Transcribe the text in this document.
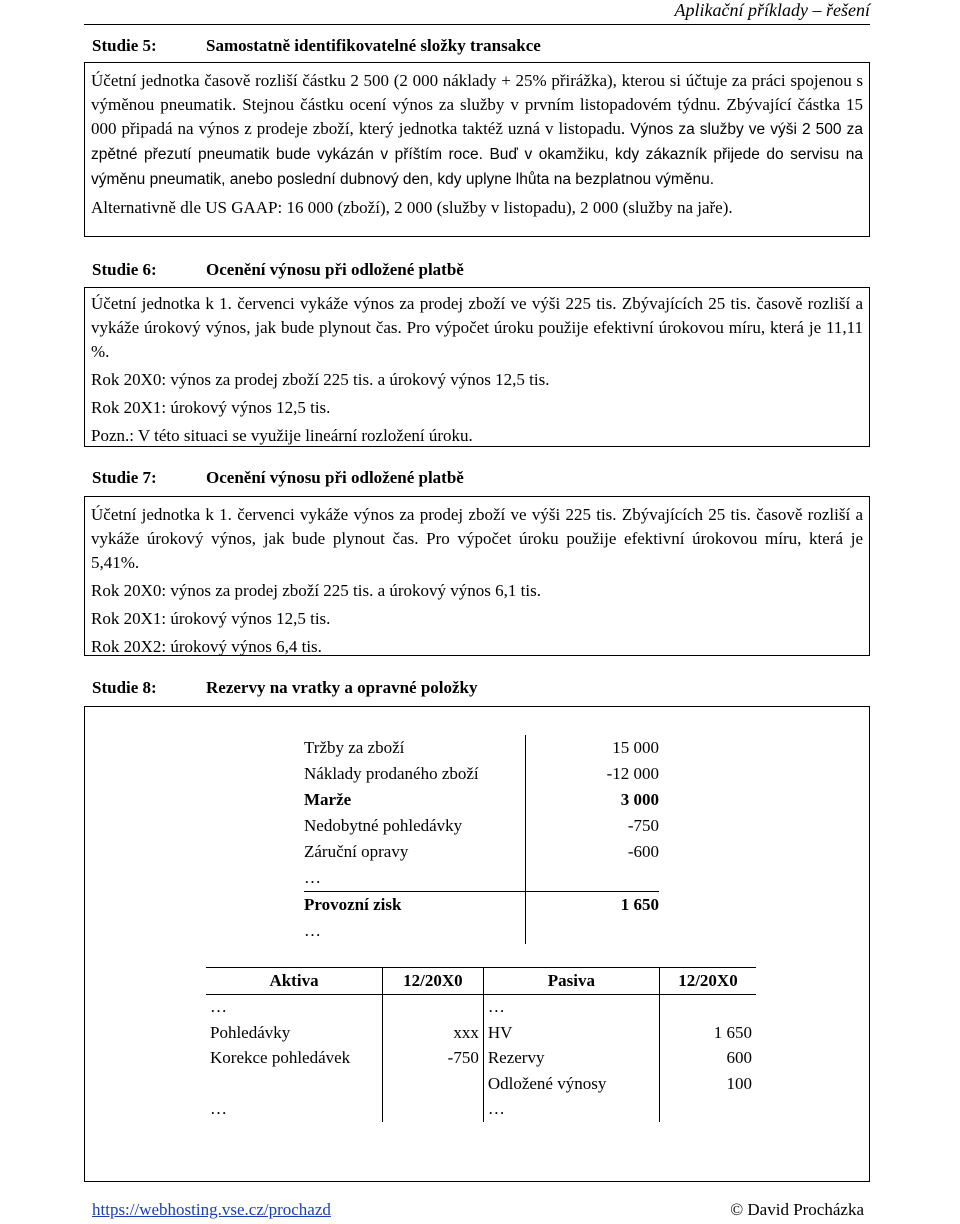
Aplikační příklady – řešení
Studie 5:	Samostatně identifikovatelné složky transakce

Účetní jednotka časově rozliší částku 2 500 (2 000 náklady + 25% přirážka), kterou si účtuje za práci spojenou s výměnou pneumatik. Stejnou částku ocení výnos za služby v prvním listopadovém týdnu. Zbývající částka 15 000 připadá na výnos z prodeje zboží, který jednotka taktéž uzná v listopadu. Výnos za služby ve výši 2 500 za zpětné přezutí pneumatik bude vykázán v příštím roce. Buď v okamžiku, kdy zákazník přijede do servisu na výměnu pneumatik, anebo poslední dubnový den, kdy uplyne lhůta na bezplatnou výměnu.

Alternativně dle US GAAP: 16 000 (zboží), 2 000 (služby v listopadu), 2 000 (služby na jaře).

Studie 6:	Ocenění výnosu při odložené platbě

Účetní jednotka k 1. červenci vykáže výnos za prodej zboží ve výši 225 tis. Zbývajících 25 tis. časově rozliší a vykáže úrokový výnos, jak bude plynout čas. Pro výpočet úroku použije efektivní úrokovou míru, která je 11,11 %.

Rok 20X0: výnos za prodej zboží 225 tis. a úrokový výnos 12,5 tis.

Rok 20X1: úrokový výnos 12,5 tis.

Pozn.: V této situaci se využije lineární rozložení úroku.

Studie 7:	Ocenění výnosu při odložené platbě

Účetní jednotka k 1. červenci vykáže výnos za prodej zboží ve výši 225 tis. Zbývajících 25 tis. časově rozliší a vykáže úrokový výnos, jak bude plynout čas. Pro výpočet úroku použije efektivní úrokovou míru, která je 5,41%.

Rok 20X0: výnos za prodej zboží 225 tis. a úrokový výnos 6,1 tis.

Rok 20X1: úrokový výnos 12,5 tis.

Rok 20X2: úrokový výnos 6,4 tis.

Studie 8:	Rezervy na vratky a opravné položky
Tržby za zboží	15 000
Náklady prodaného zboží	-12 000
Marže	3 000
Nedobytné pohledávky	-750
Záruční opravy	-600
…	
Provozní zisk	1 650
…	
Aktiva	12/20X0	Pasiva	12/20X0
…		…	
Pohledávky	xxx	HV	1 650
Korekce pohledávek	-750	Rezervy	600
		Odložené výnosy	100
…		…	
https://webhosting.vse.cz/prochazd	© David Procházka
